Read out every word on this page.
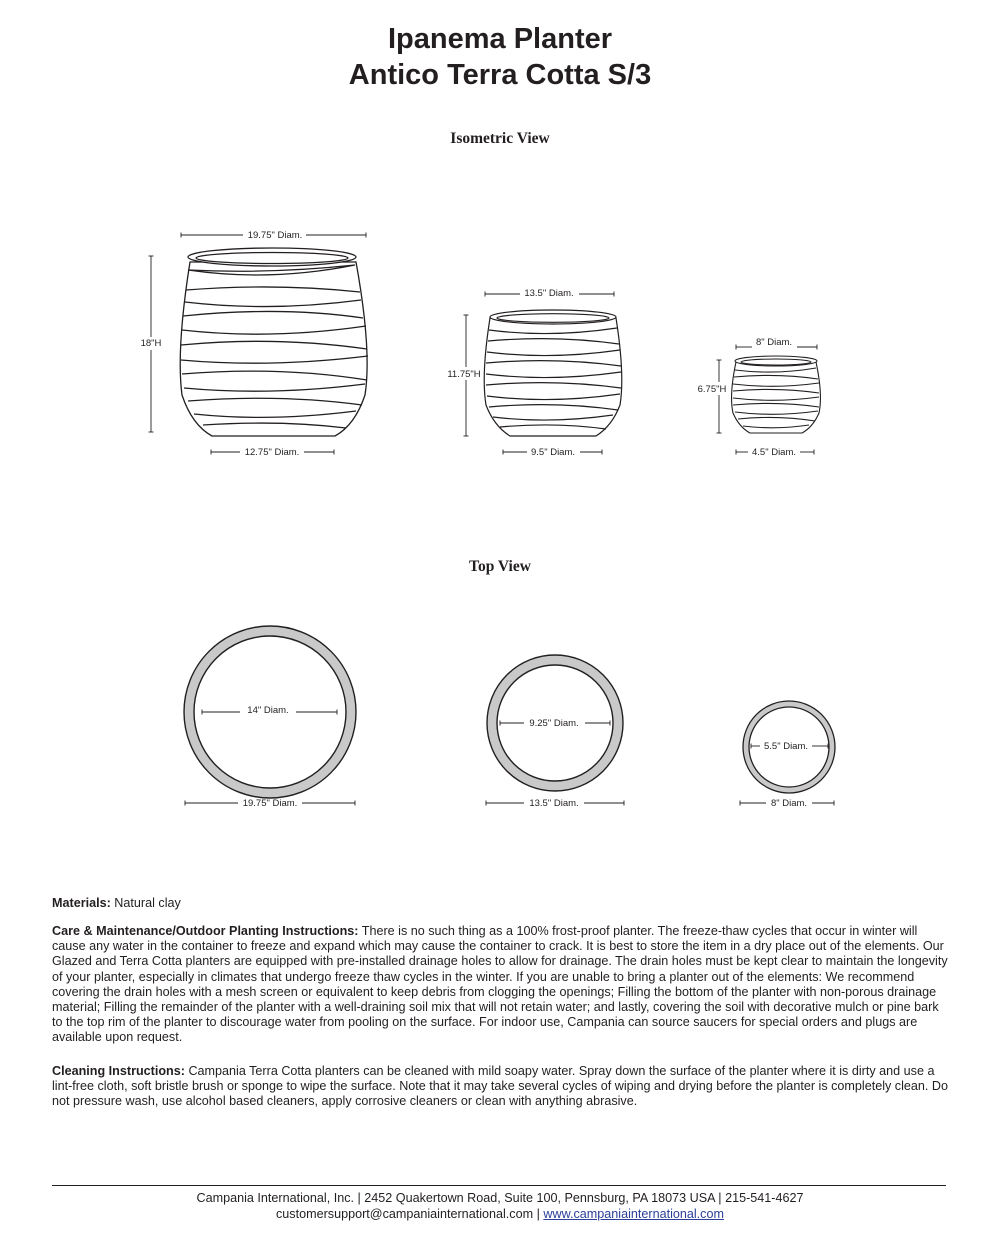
Ipanema Planter
Antico Terra Cotta S/3
Isometric View
Top View
19.75" Diam.
18"H
12.75" Diam.
13.5" Diam.
11.75"H
9.5" Diam.
8" Diam.
6.75"H
4.5" Diam.
14" Diam.
19.75" Diam.
9.25" Diam.
13.5" Diam.
5.5" Diam.
8" Diam.
Materials: Natural clay
Care & Maintenance/Outdoor Planting Instructions: There is no such thing as a 100% frost-proof planter. The freeze-thaw cycles that occur in winter will cause any water in the container to freeze and expand which may cause the container to crack. It is best to store the item in a dry place out of the elements. Our Glazed and Terra Cotta planters are equipped with pre-installed drainage holes to allow for drainage. The drain holes must be kept clear to maintain the longevity of your planter, especially in climates that undergo freeze thaw cycles in the winter. If you are unable to bring a planter out of the elements: We recommend covering the drain holes with a mesh screen or equivalent to keep debris from clogging the openings; Filling the bottom of the planter with non-porous drainage material; Filling the remainder of the planter with a well-draining soil mix that will not retain water; and lastly, covering the soil with decorative mulch or pine bark to the top rim of the planter to discourage water from pooling on the surface. For indoor use, Campania can source saucers for special orders and plugs are available upon request.
Cleaning Instructions: Campania Terra Cotta planters can be cleaned with mild soapy water. Spray down the surface of the planter where it is dirty and use a lint-free cloth, soft bristle brush or sponge to wipe the surface. Note that it may take several cycles of wiping and drying before the planter is completely clean. Do not pressure wash, use alcohol based cleaners, apply corrosive cleaners or clean with anything abrasive.
Campania International, Inc. | 2452 Quakertown Road, Suite 100, Pennsburg, PA 18073 USA | 215-541-4627
customersupport@campaniainternational.com | www.campaniainternational.com
